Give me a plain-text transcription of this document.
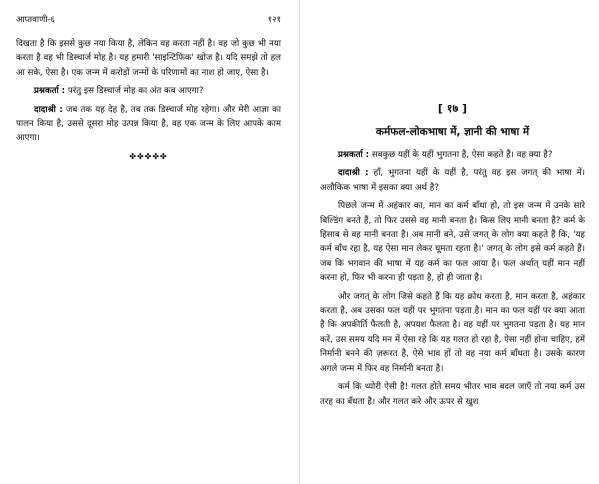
आप्तवाणी-६	१२१

दिखता है कि इससे कुछ नया किया है, लेकिन वह करता नहीं है। वह जो कुछ भी नया करता है वह भी डिस्चार्ज मोह है। यह हमारी 'साइन्टिफिक' खोज है। यदि समझे तो हल आ सके, ऐसा है। एक जन्म में करोड़ों जन्मों के परिणामों का नाश हो जाए, ऐसा है।

प्रश्नकर्ता : परंतु इस डिस्चार्ज मोह का अंत कब आएगा?

दादाश्री : जब तक यह देह है, तब तक डिस्चार्ज मोह रहेगा। और मेरी आज्ञा का पालन किया है, उससे दूसरा मोह उत्पन्न किया है, वह एक जन्म के लिए आपके काम आएगा।

✤✤✤✤✤
[ १७ ]
कर्मफल-लोकभाषा में, ज्ञानी की भाषा में

प्रश्नकर्ता : सबकुछ यहीं के यहीं भुगतना है, ऐसा कहते हैं। वह क्या है?

दादाश्री : हाँ, भुगतना यहीं के यहीं है, परंतु वह इस जगत् की भाषा में। अलौकिक भाषा में इसका क्या अर्थ है?

पिछले जन्म में अहंकार का, मान का कर्म बाँधा हो, तो इस जन्म में उनके सारे बिल्डिंग बनते हैं, तो फिर उससे वह मानी बनता है। किस लिए मानी बनता है? कर्म के हिसाब से वह मानी बनता है। अब मानी बने, उसे जगत् के लोग क्या कहते हैं कि, 'यह कर्म बाँध रहा है, यह ऐसा मान लेकर घूमता रहता है।' जगत् के लोग इसे कर्म कहते हैं। जब कि भगवान की भाषा में यह कर्म का फल आया है। फल अर्थात् यहीं मान नहीं करना हो, फिर भी करना ही पड़ता है, हो ही जाता है।

और जगत् के लोग जिसे कहते हैं कि यह क्रोध करता है, मान करता है, अहंकार करता है, अब उसका फल यहीं पर भुगतना पड़ता है। मान का फल यहीं पर क्या आता है कि अपकीर्ति फैलती है, अपयश फैलता है। वह यहीं पर भुगतना पड़ता है। यह मान करें, उस समय यदि मन में ऐसा रहे कि यह गलत हो रहा है, ऐसा नहीं होना चाहिए, हमें निर्मानी बनने की ज़रूरत है, ऐसे भाव हों तो वह नया कर्म बाँधता है। उसके कारण अगले जन्म में फिर वह निर्मानी बनता है।

कर्म कि थ्योरी ऐसी है! गलत होते समय भीतर भाव बदल जाएँ तो नया कर्म उस तरह का बँधता है। और गलत करे और ऊपर से खुश
